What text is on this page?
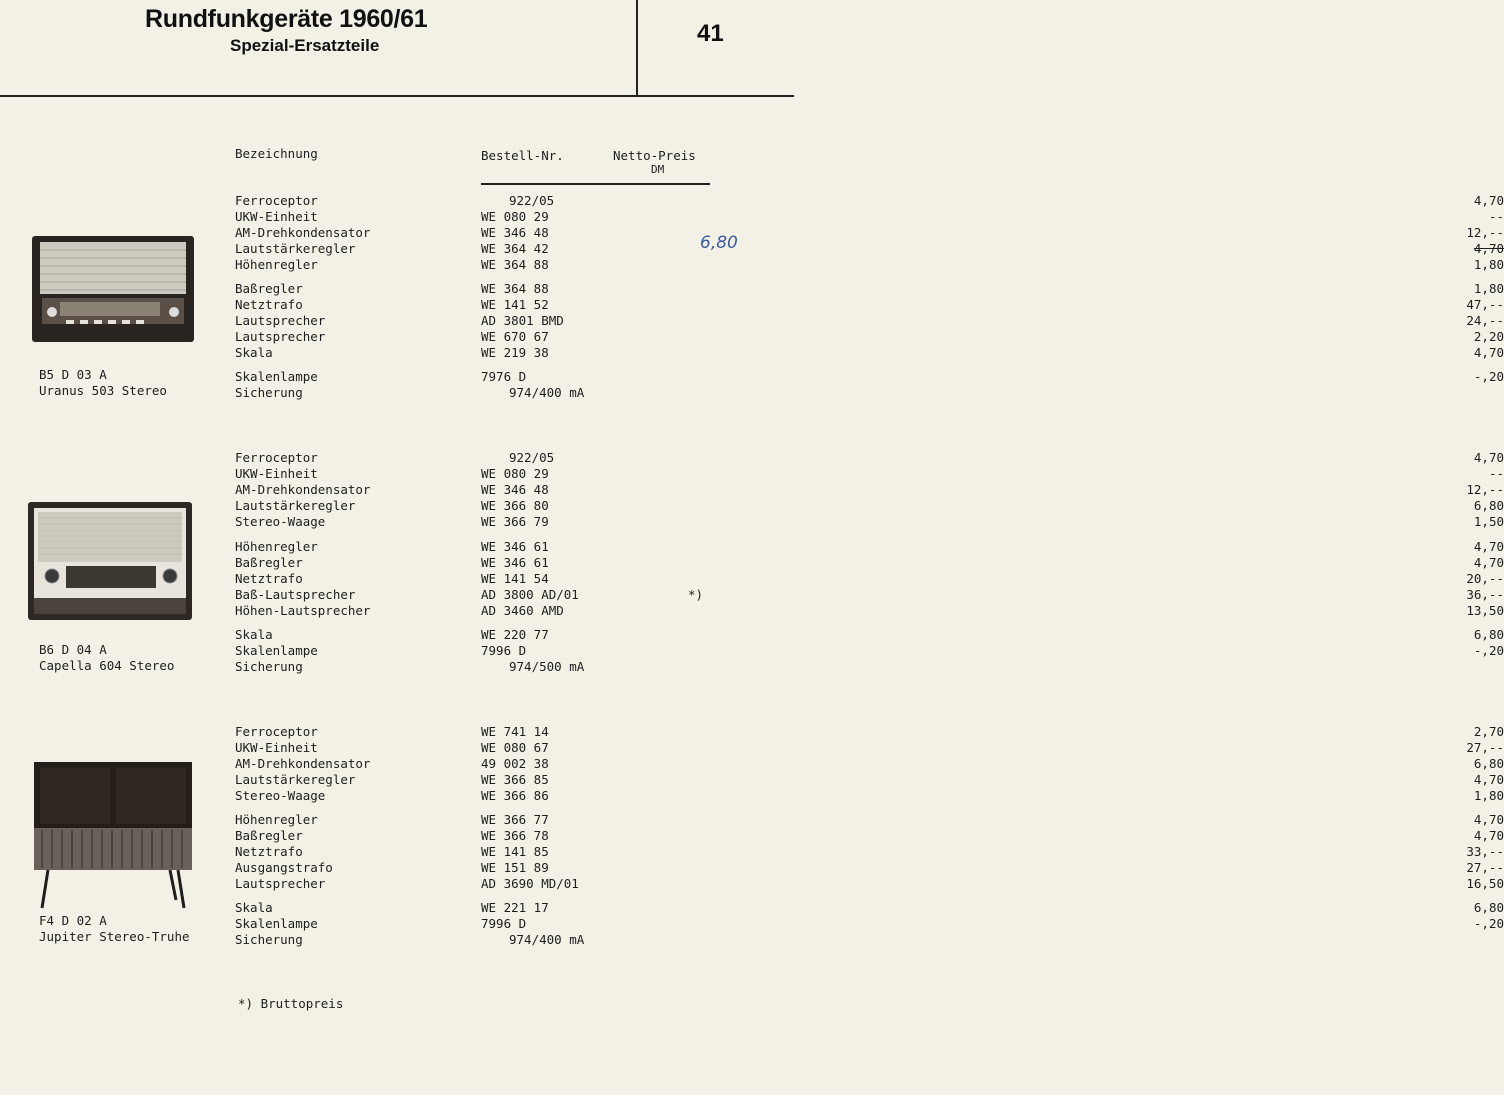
Rundfunkgeräte 1960/61
Spezial-Ersatzteile	41
Bezeichnung	Bestell-Nr.	Netto-Preis
DM
Ferroceptor	922/05	4,70
UKW-Einheit	WE 080 29	--
AM-Drehkondensator	WE 346 48	12,--
Lautstärkeregler	WE 364 42	4,70
Höhenregler	WE 364 88	1,80
Baßregler	WE 364 88	1,80
Netztrafo	WE 141 52	47,--
Lautsprecher	AD 3801 BMD	24,--
Lautsprecher	WE 670 67	2,20
Skala	WE 219 38	4,70
Skalenlampe	7976 D	-,20
Sicherung	974/400 mA
6,80
B5 D 03 A
Uranus 503 Stereo
Ferroceptor	922/05	4,70
UKW-Einheit	WE 080 29	--
AM-Drehkondensator	WE 346 48	12,--
Lautstärkeregler	WE 366 80	6,80
Stereo-Waage	WE 366 79	1,50
Höhenregler	WE 346 61	4,70
Baßregler	WE 346 61	4,70
Netztrafo	WE 141 54	20,--
Baß-Lautsprecher	AD 3800 AD/01	36,--
*)
Höhen-Lautsprecher	AD 3460 AMD	13,50
Skala	WE 220 77	6,80
Skalenlampe	7996 D	-,20
Sicherung	974/500 mA
B6 D 04 A
Capella 604 Stereo
Ferroceptor	WE 741 14	2,70
UKW-Einheit	WE 080 67	27,--
AM-Drehkondensator	49 002 38	6,80
Lautstärkeregler	WE 366 85	4,70
Stereo-Waage	WE 366 86	1,80
Höhenregler	WE 366 77	4,70
Baßregler	WE 366 78	4,70
Netztrafo	WE 141 85	33,--
Ausgangstrafo	WE 151 89	27,--
Lautsprecher	AD 3690 MD/01	16,50
Skala	WE 221 17	6,80
Skalenlampe	7996 D	-,20
Sicherung	974/400 mA
F4 D 02 A
Jupiter Stereo-Truhe
*) Bruttopreis
